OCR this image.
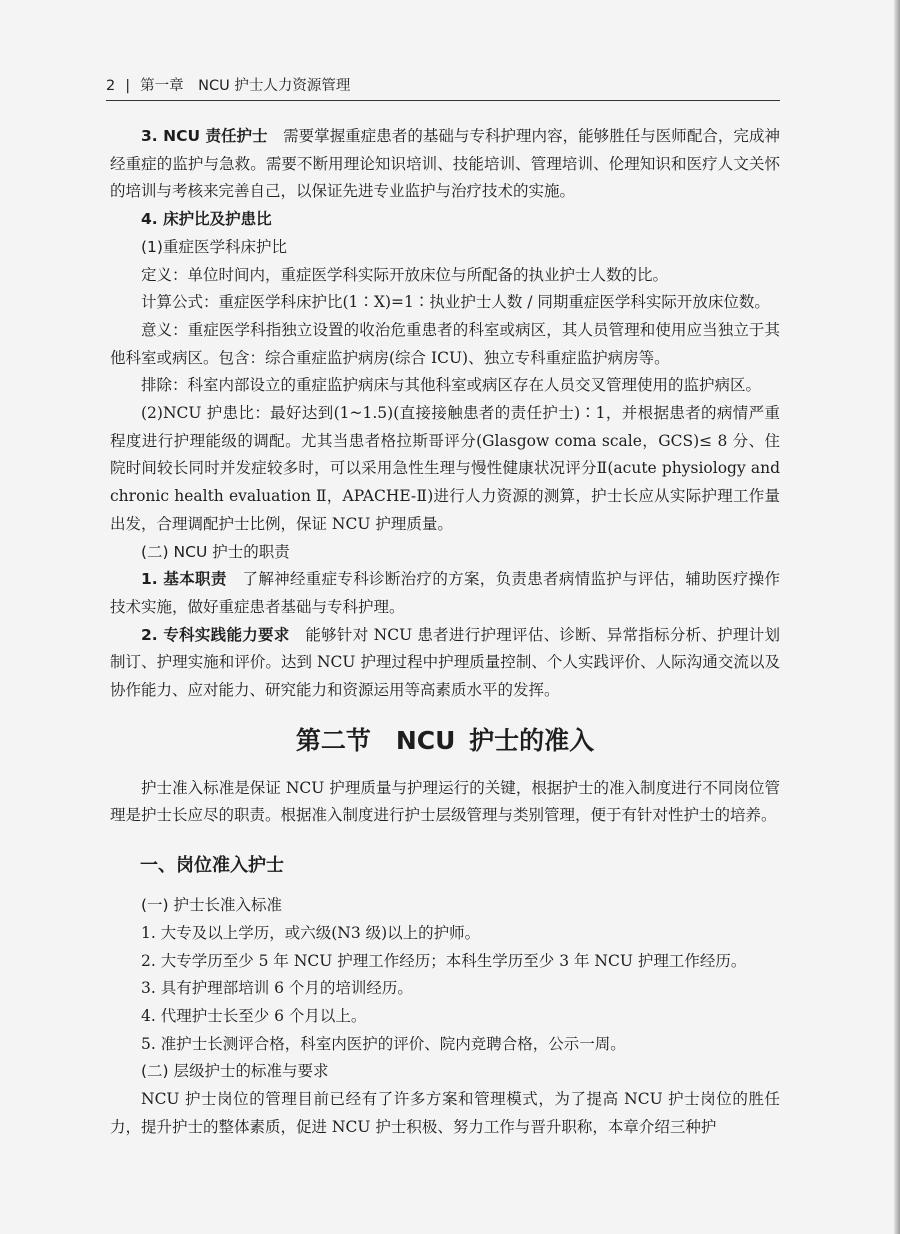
2 | 第一章　NCU 护士人力资源管理

3. NCU 责任护士　 需要掌握重症患者的基础与专科护理内容，能够胜任与医师配合，完成神经重症的监护与急救。需要不断用理论知识培训、技能培训、管理培训、伦理知识和医疗人文关怀的培训与考核来完善自己，以保证先进专业监护与治疗技术的实施。

4. 床护比及护患比

(1)重症医学科床护比

定义：单位时间内，重症医学科实际开放床位与所配备的执业护士人数的比。

计算公式：重症医学科床护比(1∶X)=1∶执业护士人数 / 同期重症医学科实际开放床位数。

意义：重症医学科指独立设置的收治危重患者的科室或病区，其人员管理和使用应当独立于其他科室或病区。包含：综合重症监护病房(综合 ICU)、独立专科重症监护病房等。

排除：科室内部设立的重症监护病床与其他科室或病区存在人员交叉管理使用的监护病区。

(2)NCU 护患比：最好达到(1~1.5)(直接接触患者的责任护士)∶1，并根据患者的病情严重程度进行护理能级的调配。尤其当患者格拉斯哥评分(Glasgow coma scale，GCS)≤ 8 分、住院时间较长同时并发症较多时，可以采用急性生理与慢性健康状况评分Ⅱ(acute physiology and chronic health evaluation Ⅱ，APACHE-Ⅱ)进行人力资源的测算，护士长应从实际护理工作量出发，合理调配护士比例，保证 NCU 护理质量。

(二) NCU 护士的职责

1. 基本职责　 了解神经重症专科诊断治疗的方案，负责患者病情监护与评估，辅助医疗操作技术实施，做好重症患者基础与专科护理。

2. 专科实践能力要求　 能够针对 NCU 患者进行护理评估、诊断、异常指标分析、护理计划制订、护理实施和评价。达到 NCU 护理过程中护理质量控制、个人实践评价、人际沟通交流以及协作能力、应对能力、研究能力和资源运用等高素质水平的发挥。

第二节　NCU 护士的准入

护士准入标准是保证 NCU 护理质量与护理运行的关键，根据护士的准入制度进行不同岗位管理是护士长应尽的职责。根据准入制度进行护士层级管理与类别管理，便于有针对性护士的培养。

一、岗位准入护士

(一) 护士长准入标准

1. 大专及以上学历，或六级(N3 级)以上的护师。

2. 大专学历至少 5 年 NCU 护理工作经历；本科生学历至少 3 年 NCU 护理工作经历。

3. 具有护理部培训 6 个月的培训经历。

4. 代理护士长至少 6 个月以上。

5. 准护士长测评合格，科室内医护的评价、院内竞聘合格，公示一周。

(二) 层级护士的标准与要求

NCU 护士岗位的管理目前已经有了许多方案和管理模式，为了提高 NCU 护士岗位的胜任力，提升护士的整体素质，促进 NCU 护士积极、努力工作与晋升职称，本章介绍三种护
